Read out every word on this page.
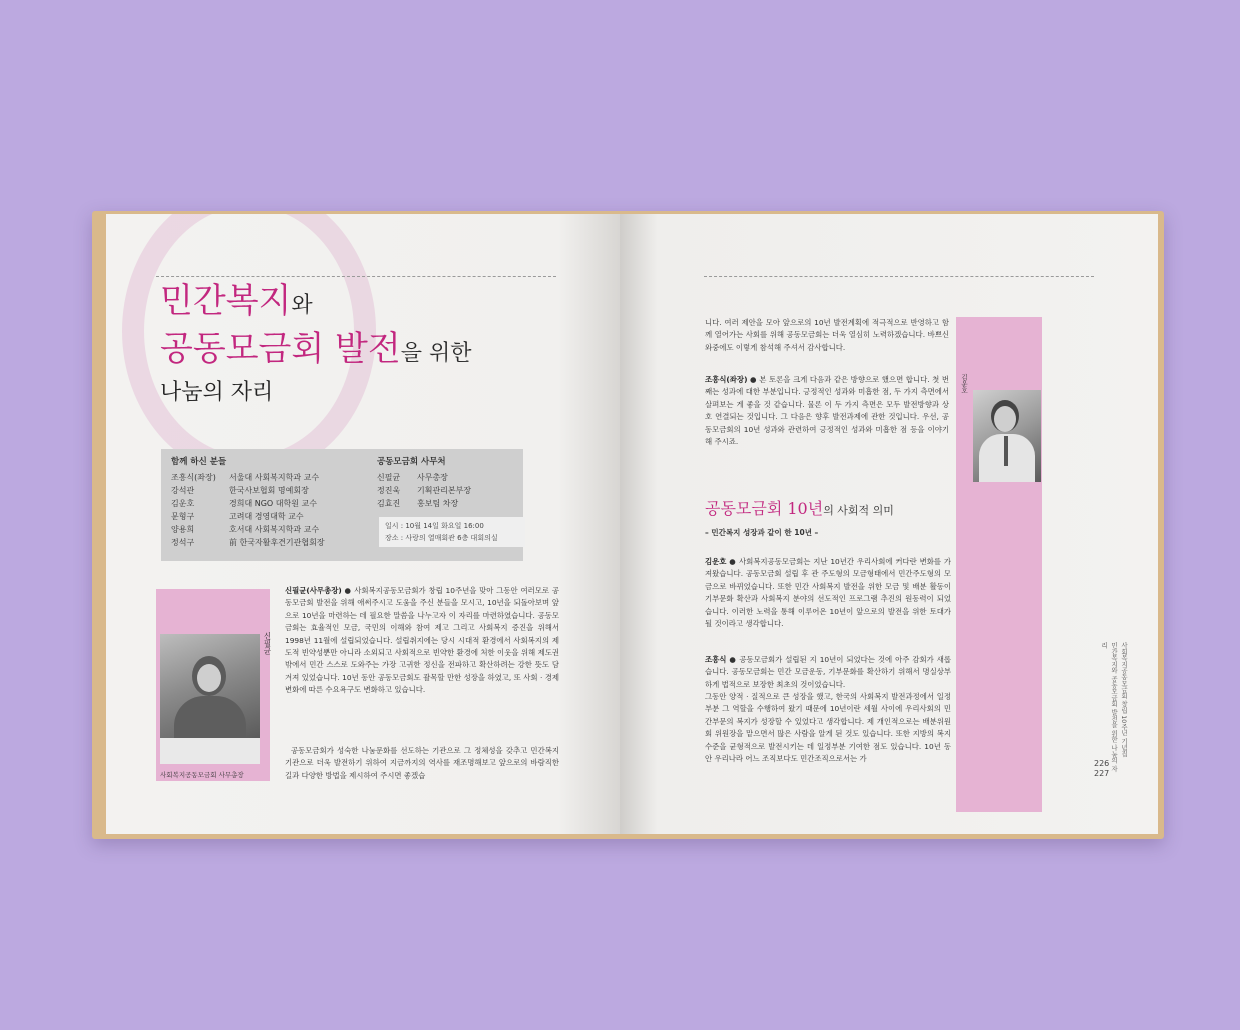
민간복지와
공동모금회 발전을 위한
나눔의 자리
함께 하신 분들
조흥식(좌장)	서울대 사회복지학과 교수
강석관	한국사보협회 명예회장
김운호	경희대 NGO 대학원 교수
문형구	고려대 경영대학 교수
양용희	호서대 사회복지학과 교수
정석구	前 한국자활후견기관협회장
공동모금회 사무처
신필균	사무총장
정진욱	기획관리본부장
김효진	홍보팀 차장
일시 : 10월 14일 화요일 16:00
장소 : 사랑의 열매회관 6층 대회의실
신필균
사회복지공동모금회 사무총장
신필균(사무총장) ● 사회복지공동모금회가 창립 10주년을 맞아 그동안 여러모로 공동모금회 발전을 위해 애써주시고 도움을 주신 분들을 모시고, 10년을 되돌아보며 앞으로 10년을 마련하는 데 필요한 말씀을 나누고자 이 자리를 마련하였습니다. 공동모금회는 효율적인 모금, 국민의 이해와 참여 제고 그리고 사회복지 증진을 위해서 1998년 11월에 설립되었습니다. 설립취지에는 당시 시대적 환경에서 사회복지의 제도적 빈약성뿐만 아니라 소외되고 사회적으로 빈약한 환경에 처한 이웃을 위해 제도권 밖에서 민간 스스로 도와주는 가장 고귀한 정신을 전파하고 확산하려는 강한 뜻도 담겨져 있었습니다. 10년 동안 공동모금회도 괄목할 만한 성장을 하였고, 또 사회 · 경제변화에 따른 수요욕구도 변화하고 있습니다.
공동모금회가 성숙한 나눔문화를 선도하는 기관으로 그 정체성을 갖추고 민간복지기관으로 더욱 발전하기 위하여 지금까지의 역사를 재조명해보고 앞으로의 바람직한 길과 다양한 방법을 제시하여 주시면 좋겠습
김운호
니다. 여러 제안을 모아 앞으로의 10년 발전계획에 적극적으로 반영하고 함께 열어가는 사회를 위해 공동모금회는 더욱 열심히 노력하겠습니다. 바쁘신 와중에도 이렇게 참석해 주셔서 감사합니다.
조흥식(좌장) ● 본 토론을 크게 다음과 같은 방향으로 했으면 합니다. 첫 번째는 성과에 대한 부분입니다. 긍정적인 성과와 미흡한 점, 두 가지 측면에서 살펴보는 게 좋을 것 같습니다. 물론 이 두 가지 측면은 모두 발전방향과 상호 연결되는 것입니다. 그 다음은 향후 발전과제에 관한 것입니다. 우선, 공동모금회의 10년 성과와 관련하여 긍정적인 성과와 미흡한 점 등을 이야기해 주시죠.
공동모금회 10년의 사회적 의미
– 민간복지 성장과 같이 한 10년 –
김운호 ● 사회복지공동모금회는 지난 10년간 우리사회에 커다란 변화를 가져왔습니다. 공동모금회 설립 후 관 주도형의 모금형태에서 민간주도형의 모금으로 바뀌었습니다. 또한 민간 사회복지 발전을 위한 모금 및 배분 활동이 기부문화 확산과 사회복지 분야의 선도적인 프로그램 추진의 원동력이 되었습니다. 이러한 노력을 통해 이루어온 10년이 앞으로의 발전을 위한 토대가 될 것이라고 생각합니다.
조흥식 ● 공동모금회가 설립된 지 10년이 되었다는 것에 아주 감회가 새롭습니다. 공동모금회는 민간 모금운동, 기부문화를 확산하기 위해서 명실상부하게 법적으로 보장한 최초의 것이었습니다.
그동안 양적 · 질적으로 큰 성장을 했고, 한국의 사회복지 발전과정에서 일정부분 그 역할을 수행하여 왔기 때문에 10년이란 세월 사이에 우리사회의 민간부문의 복지가 성장할 수 있었다고 생각합니다. 제 개인적으로는 배분위원회 위원장을 맡으면서 많은 사람을 알게 된 것도 있습니다. 또한 지방의 복지 수준을 균형적으로 발전시키는 데 일정부분 기여한 점도 있습니다. 10년 동안 우리나라 어느 조직보다도 민간조직으로서는 가
사회복지공동모금회 창립 10주년 기념집
민간복지와 공동모금회 발전을 위한 나눔의 자리
226
227
